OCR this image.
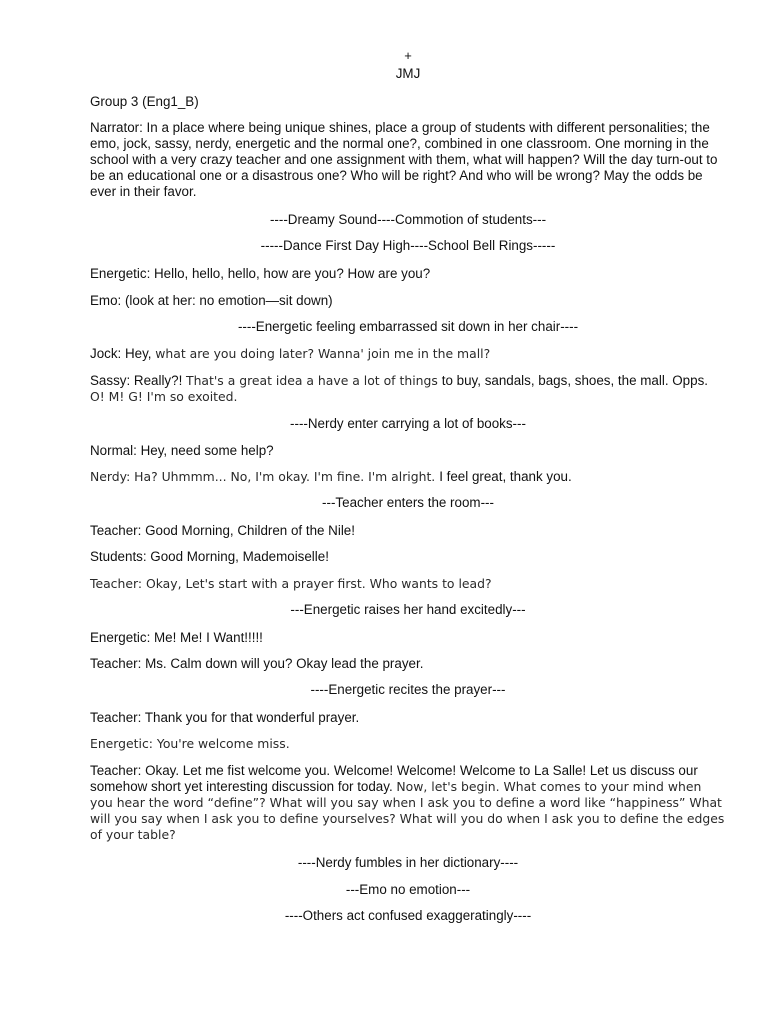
+
JMJ

Group 3 (Eng1_B)

Narrator: In a place where being unique shines, place a group of students with different personalities; the emo, jock, sassy, nerdy, energetic and the normal one?, combined in one classroom. One morning in the school with a very crazy teacher and one assignment with them, what will happen? Will the day turn-out to be an educational one or a disastrous one? Who will be right? And who will be wrong? May the odds be ever in their favor.

----Dreamy Sound----Commotion of students---

-----Dance First Day High----School Bell Rings-----

Energetic: Hello, hello, hello, how are you? How are you?

Emo: (look at her: no emotion—sit down)

----Energetic feeling embarrassed sit down in her chair----

Jock: Hey, what are you doing later? Wanna' join me in the mall?

Sassy: Really?! That's a great idea a have a lot of things to buy, sandals, bags, shoes, the mall. Opps.
O! M! G! I'm so exoited.

----Nerdy enter carrying a lot of books---

Normal: Hey, need some help?

Nerdy: Ha? Uhmmm... No, I'm okay. I'm fine. I'm alright. I feel great, thank you.

---Teacher enters the room---

Teacher: Good Morning, Children of the Nile!

Students: Good Morning, Mademoiselle!

Teacher: Okay, Let's start with a prayer first. Who wants to lead?

---Energetic raises her hand excitedly---

Energetic: Me! Me! I Want!!!!!

Teacher: Ms. Calm down will you? Okay lead the prayer.

----Energetic recites the prayer---

Teacher: Thank you for that wonderful prayer.

Energetic: You're welcome miss.

Teacher: Okay. Let me fist welcome you. Welcome! Welcome! Welcome to La Salle! Let us discuss our somehow short yet interesting discussion for today. Now, let's begin. What comes to your mind when you hear the word “define”? What will you say when I ask you to define a word like “happiness” What will you say when I ask you to define yourselves? What will you do when I ask you to define the edges of your table?

----Nerdy fumbles in her dictionary----

---Emo no emotion---

----Others act confused exaggeratingly----
